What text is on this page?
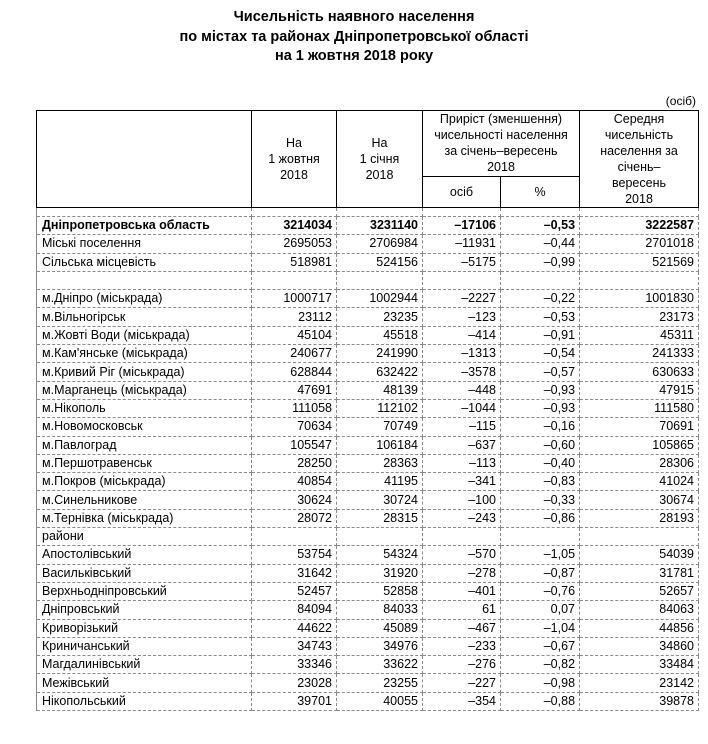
Чисельність наявного населення
по містах та районах Дніпропетровської області
на 1 жовтня 2018 року
(осіб)

На
1 жовтня
2018

На
1 січня
2018

Приріст (зменшення)
чисельності населення
за січень–вересень
2018

Середня
чисельність
населення за
січень–
вересень
2018

			осіб	%	

Дніпропетровська область	3214034	3231140	–17106	–0,53	3222587
Міські поселення	2695053	2706984	–11931	–0,44	2701018
Сільська місцевість	518981	524156	–5175	–0,99	521569

м.Дніпро (міськрада)	1000717	1002944	–2227	–0,22	1001830
м.Вільногірськ	23112	23235	–123	–0,53	23173
м.Жовті Води (міськрада)	45104	45518	–414	–0,91	45311
м.Кам'янське (міськрада)	240677	241990	–1313	–0,54	241333
м.Кривий Ріг (міськрада)	628844	632422	–3578	–0,57	630633
м.Марганець (міськрада)	47691	48139	–448	–0,93	47915
м.Нікополь	111058	112102	–1044	–0,93	111580
м.Новомосковськ	70634	70749	–115	–0,16	70691
м.Павлоград	105547	106184	–637	–0,60	105865
м.Першотравенськ	28250	28363	–113	–0,40	28306
м.Покров (міськрада)	40854	41195	–341	–0,83	41024
м.Синельникове	30624	30724	–100	–0,33	30674
м.Тернівка (міськрада)	28072	28315	–243	–0,86	28193
райони					
Апостолівський	53754	54324	–570	–1,05	54039
Васильківський	31642	31920	–278	–0,87	31781
Верхньодніпровський	52457	52858	–401	–0,76	52657
Дніпровський	84094	84033	61	0,07	84063
Криворізький	44622	45089	–467	–1,04	44856
Криничанський	34743	34976	–233	–0,67	34860
Магдалинівський	33346	33622	–276	–0,82	33484
Межівський	23028	23255	–227	–0,98	23142
Нікопольський	39701	40055	–354	–0,88	39878
